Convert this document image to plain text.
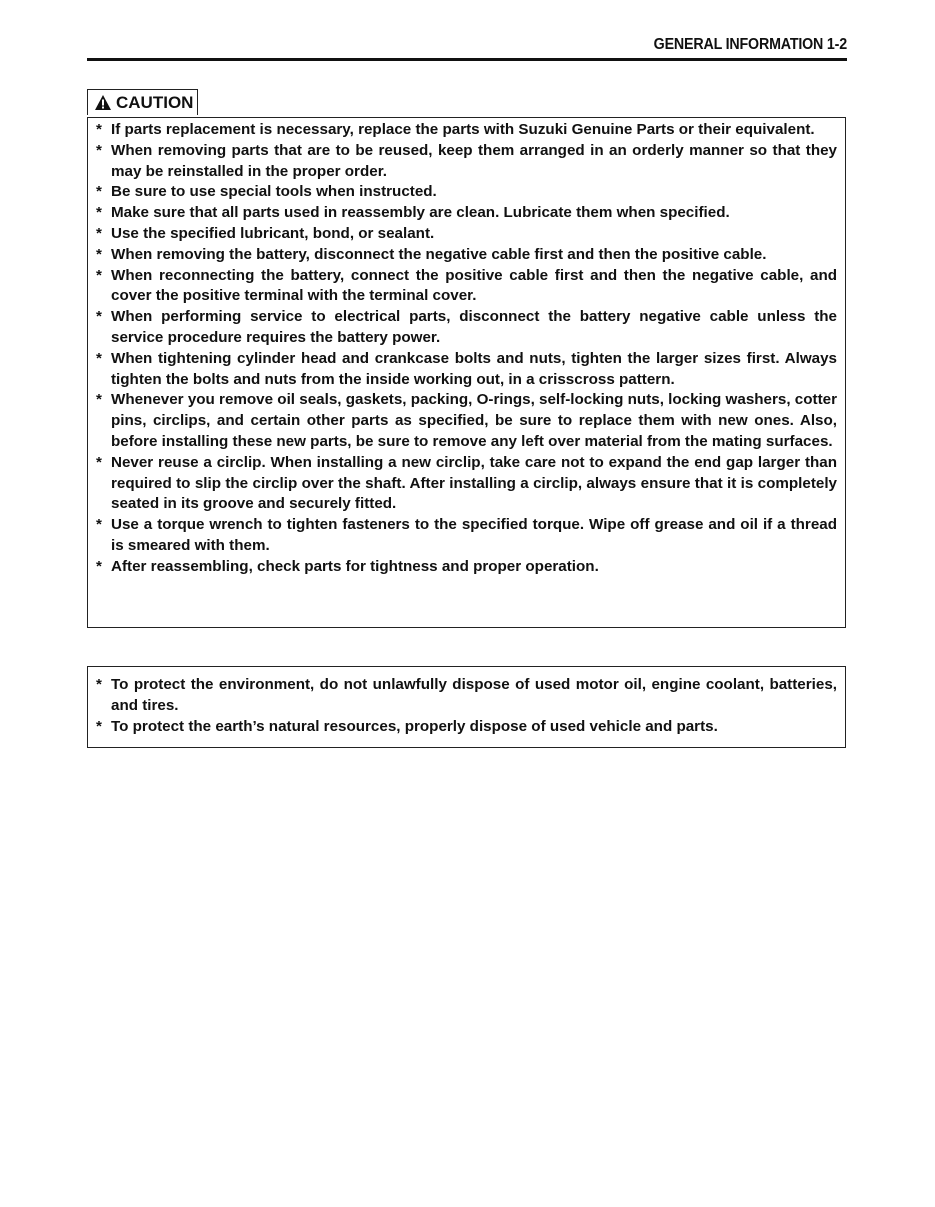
GENERAL INFORMATION 1-2
CAUTION
* If parts replacement is necessary, replace the parts with Suzuki Genuine Parts or their equivalent.
* When removing parts that are to be reused, keep them arranged in an orderly manner so that they may be reinstalled in the proper order.
* Be sure to use special tools when instructed.
* Make sure that all parts used in reassembly are clean. Lubricate them when specified.
* Use the specified lubricant, bond, or sealant.
* When removing the battery, disconnect the negative cable first and then the positive cable.
* When reconnecting the battery, connect the positive cable first and then the negative cable, and cover the positive terminal with the terminal cover.
* When performing service to electrical parts, disconnect the battery negative cable unless the service procedure requires the battery power.
* When tightening cylinder head and crankcase bolts and nuts, tighten the larger sizes first. Always tighten the bolts and nuts from the inside working out, in a crisscross pattern.
* Whenever you remove oil seals, gaskets, packing, O-rings, self-locking nuts, locking washers, cotter pins, circlips, and certain other parts as specified, be sure to replace them with new ones. Also, before installing these new parts, be sure to remove any left over material from the mating surfaces.
* Never reuse a circlip. When installing a new circlip, take care not to expand the end gap larger than required to slip the circlip over the shaft. After installing a circlip, always ensure that it is completely seated in its groove and securely fitted.
* Use a torque wrench to tighten fasteners to the specified torque. Wipe off grease and oil if a thread is smeared with them.
* After reassembling, check parts for tightness and proper operation.
* To protect the environment, do not unlawfully dispose of used motor oil, engine coolant, batteries, and tires.
* To protect the earth’s natural resources, properly dispose of used vehicle and parts.
